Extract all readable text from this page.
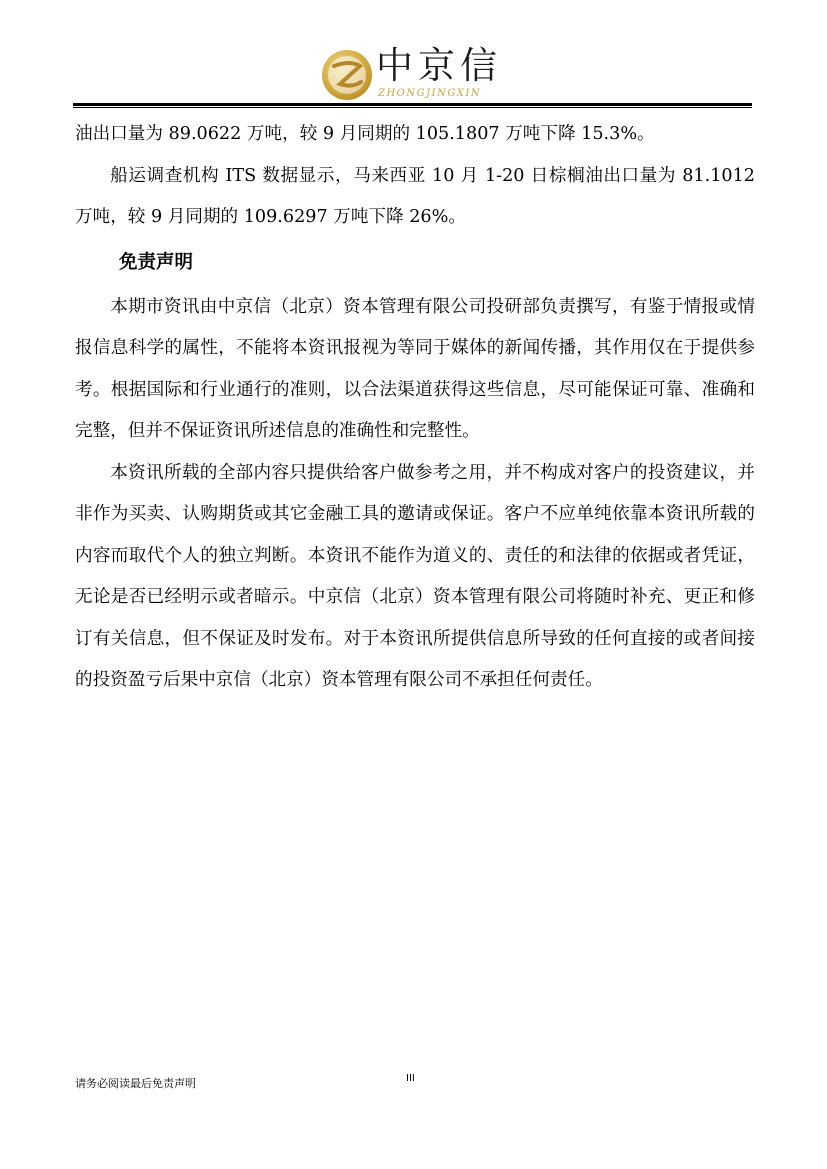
中京信
ZHONGJINGXIN

油出口量为 89.0622 万吨，较 9 月同期的 105.1807 万吨下降 15.3%。

船运调查机构 ITS 数据显示，马来西亚 10 月 1-20 日棕榈油出口量为 81.1012 万吨，较 9 月同期的 109.6297 万吨下降 26%。

免责声明

本期市资讯由中京信（北京）资本管理有限公司投研部负责撰写，有鉴于情报或情报信息科学的属性，不能将本资讯报视为等同于媒体的新闻传播，其作用仅在于提供参考。根据国际和行业通行的准则，以合法渠道获得这些信息，尽可能保证可靠、准确和完整，但并不保证资讯所述信息的准确性和完整性。

本资讯所载的全部内容只提供给客户做参考之用，并不构成对客户的投资建议，并非作为买卖、认购期货或其它金融工具的邀请或保证。客户不应单纯依靠本资讯所载的内容而取代个人的独立判断。本资讯不能作为道义的、责任的和法律的依据或者凭证，无论是否已经明示或者暗示。中京信（北京）资本管理有限公司将随时补充、更正和修订有关信息，但不保证及时发布。对于本资讯所提供信息所导致的任何直接的或者间接的投资盈亏后果中京信（北京）资本管理有限公司不承担任何责任。

请务必阅读最后免责声明	III
